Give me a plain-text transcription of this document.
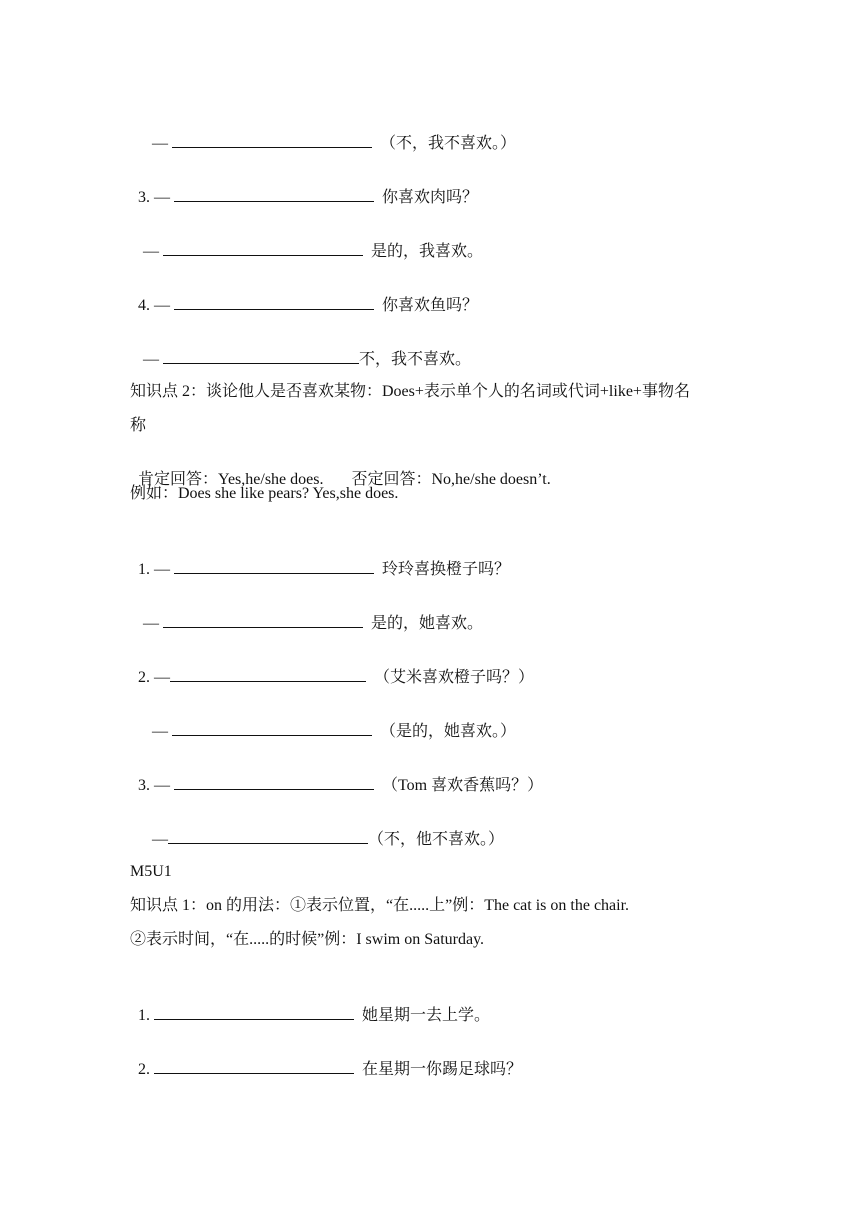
—	（不，我不喜欢。）

3. —	你喜欢肉吗？

—	是的，我喜欢。

4. —	你喜欢鱼吗？

—	不，我不喜欢。

知识点 2：谈论他人是否喜欢某物：Does+表示单个人的名词或代词+like+事物名
称

肯定回答：Yes,he/she does. 否定回答：No,he/she doesn’t.

例如：Does she like pears? Yes,she does.

1. —	玲玲喜换橙子吗？

—	是的，她喜欢。

2. —	（艾米喜欢橙子吗？）

—	（是的，她喜欢。）

3. —	（Tom 喜欢香蕉吗？）

—	（不，他不喜欢。）

M5U1
知识点 1：on 的用法：①表示位置，“在.....上”例：The cat is on the chair.
②表示时间，“在.....的时候”例：I swim on Saturday.

1.	她星期一去上学。

2.	在星期一你踢足球吗？
